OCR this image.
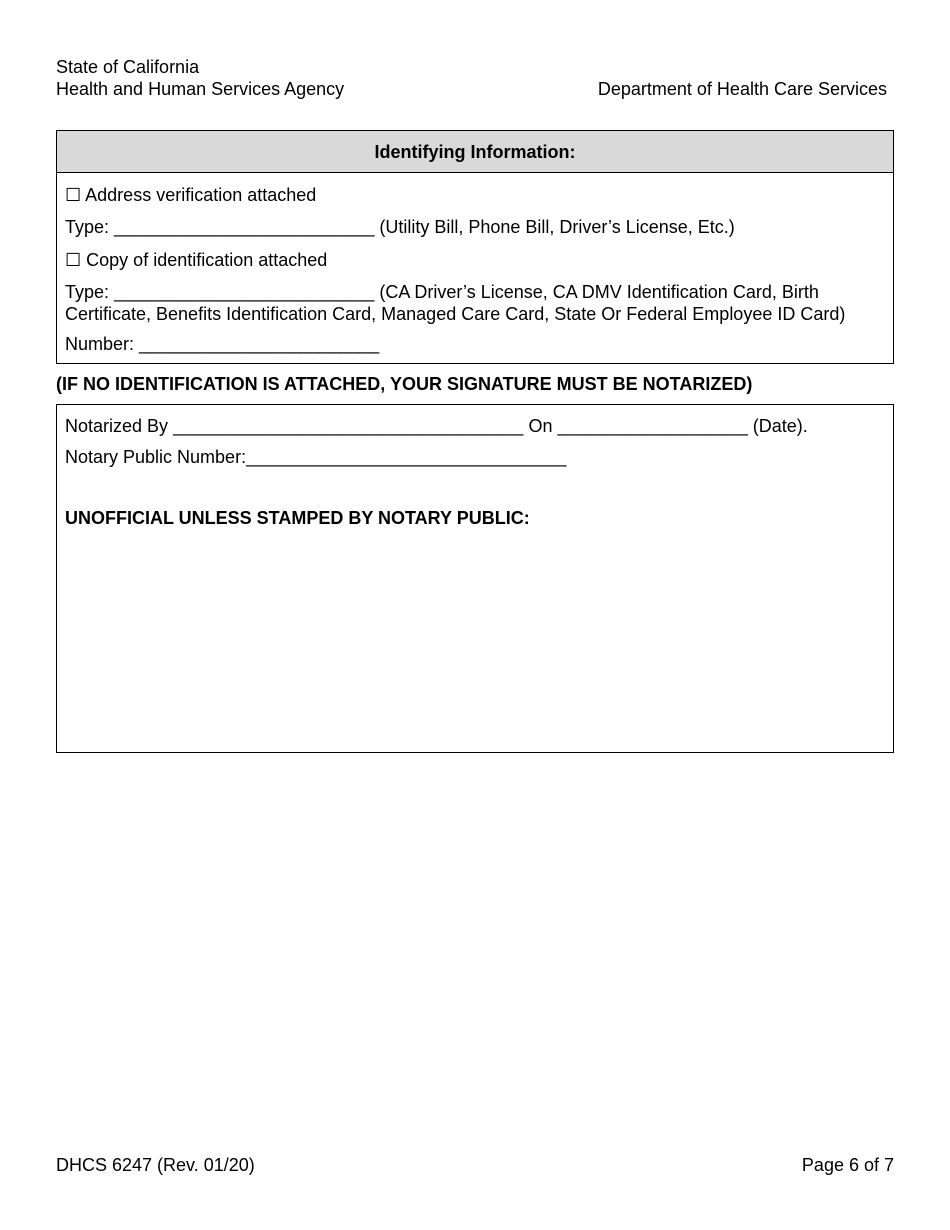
State of California
Health and Human Services Agency	Department of Health Care Services
Identifying Information:
☐ Address verification attached
Type: __________________________ (Utility Bill, Phone Bill, Driver’s License, Etc.)
☐ Copy of identification attached
Type: __________________________ (CA Driver’s License, CA DMV Identification Card, Birth
Certificate, Benefits Identification Card, Managed Care Card, State Or Federal Employee ID Card)
Number: ________________________
(IF NO IDENTIFICATION IS ATTACHED, YOUR SIGNATURE MUST BE NOTARIZED)
Notarized By ___________________________________ On ___________________ (Date).
Notary Public Number:________________________________
UNOFFICIAL UNLESS STAMPED BY NOTARY PUBLIC:
DHCS 6247 (Rev. 01/20)	Page 6 of 7
